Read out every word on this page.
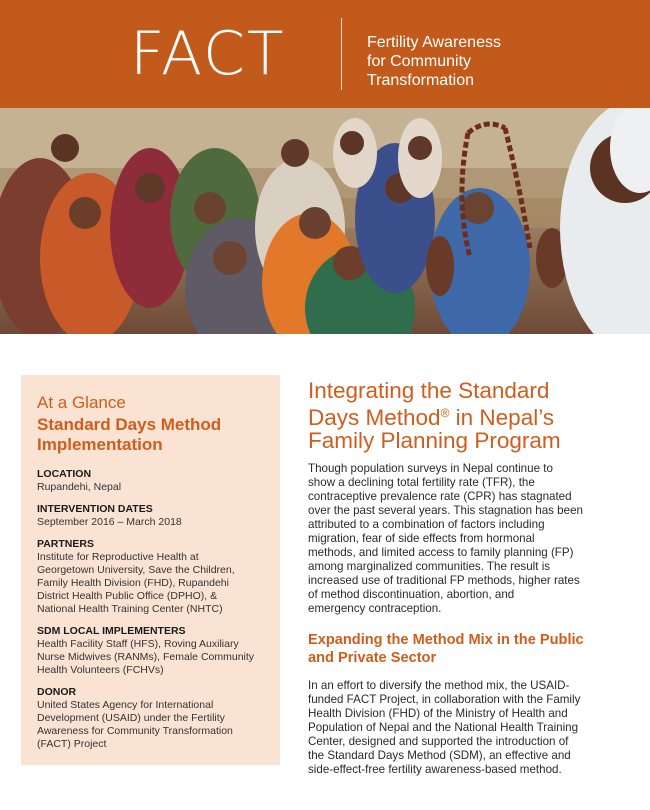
FACT	Fertility Awareness
for Community
Transformation
At a Glance
Standard Days Method
Implementation
LOCATION
Rupandehi, Nepal
INTERVENTION DATES
September 2016 – March 2018
PARTNERS
Institute for Reproductive Health at
Georgetown University, Save the Children,
Family Health Division (FHD), Rupandehi
District Health Public Office (DPHO), &
National Health Training Center (NHTC)
SDM LOCAL IMPLEMENTERS
Health Facility Staff (HFS), Roving Auxiliary
Nurse Midwives (RANMs), Female Community
Health Volunteers (FCHVs)
DONOR
United States Agency for International
Development (USAID) under the Fertility
Awareness for Community Transformation
(FACT) Project
Integrating the Standard
Days Method® in Nepal’s
Family Planning Program
Though population surveys in Nepal continue to
show a declining total fertility rate (TFR), the
contraceptive prevalence rate (CPR) has stagnated
over the past several years. This stagnation has been
attributed to a combination of factors including
migration, fear of side effects from hormonal
methods, and limited access to family planning (FP)
among marginalized communities. The result is
increased use of traditional FP methods, higher rates
of method discontinuation, abortion, and
emergency contraception.
Expanding the Method Mix in the Public
and Private Sector
In an effort to diversify the method mix, the USAID-
funded FACT Project, in collaboration with the Family
Health Division (FHD) of the Ministry of Health and
Population of Nepal and the National Health Training
Center, designed and supported the introduction of
the Standard Days Method (SDM), an effective and
side-effect-free fertility awareness-based method.
